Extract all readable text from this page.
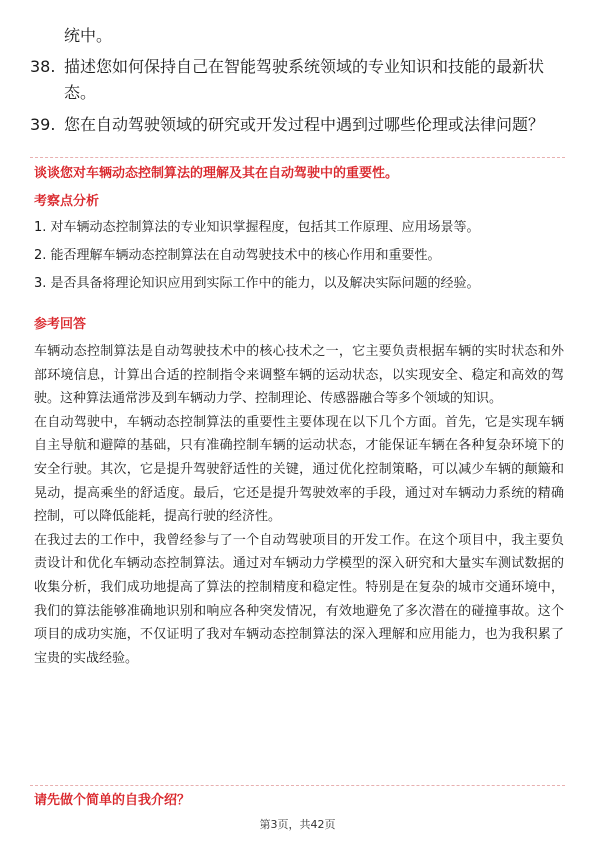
统中。
38. 描述您如何保持自己在智能驾驶系统领域的专业知识和技能的最新状态。
39. 您在自动驾驶领域的研究或开发过程中遇到过哪些伦理或法律问题？
谈谈您对车辆动态控制算法的理解及其在自动驾驶中的重要性。
考察点分析
1. 对车辆动态控制算法的专业知识掌握程度，包括其工作原理、应用场景等。
2. 能否理解车辆动态控制算法在自动驾驶技术中的核心作用和重要性。
3. 是否具备将理论知识应用到实际工作中的能力，以及解决实际问题的经验。
参考回答

车辆动态控制算法是自动驾驶技术中的核心技术之一，它主要负责根据车辆的实时状态和外部环境信息，计算出合适的控制指令来调整车辆的运动状态，以实现安全、稳定和高效的驾驶。这种算法通常涉及到车辆动力学、控制理论、传感器融合等多个领域的知识。

在自动驾驶中，车辆动态控制算法的重要性主要体现在以下几个方面。首先，它是实现车辆自主导航和避障的基础，只有准确控制车辆的运动状态，才能保证车辆在各种复杂环境下的安全行驶。其次，它是提升驾驶舒适性的关键，通过优化控制策略，可以减少车辆的颠簸和晃动，提高乘坐的舒适度。最后，它还是提升驾驶效率的手段，通过对车辆动力系统的精确控制，可以降低能耗，提高行驶的经济性。

在我过去的工作中，我曾经参与了一个自动驾驶项目的开发工作。在这个项目中，我主要负责设计和优化车辆动态控制算法。通过对车辆动力学模型的深入研究和大量实车测试数据的收集分析，我们成功地提高了算法的控制精度和稳定性。特别是在复杂的城市交通环境中，我们的算法能够准确地识别和响应各种突发情况，有效地避免了多次潜在的碰撞事故。这个项目的成功实施，不仅证明了我对车辆动态控制算法的深入理解和应用能力，也为我积累了宝贵的实战经验。

请先做个简单的自我介绍？
第3页，共42页
